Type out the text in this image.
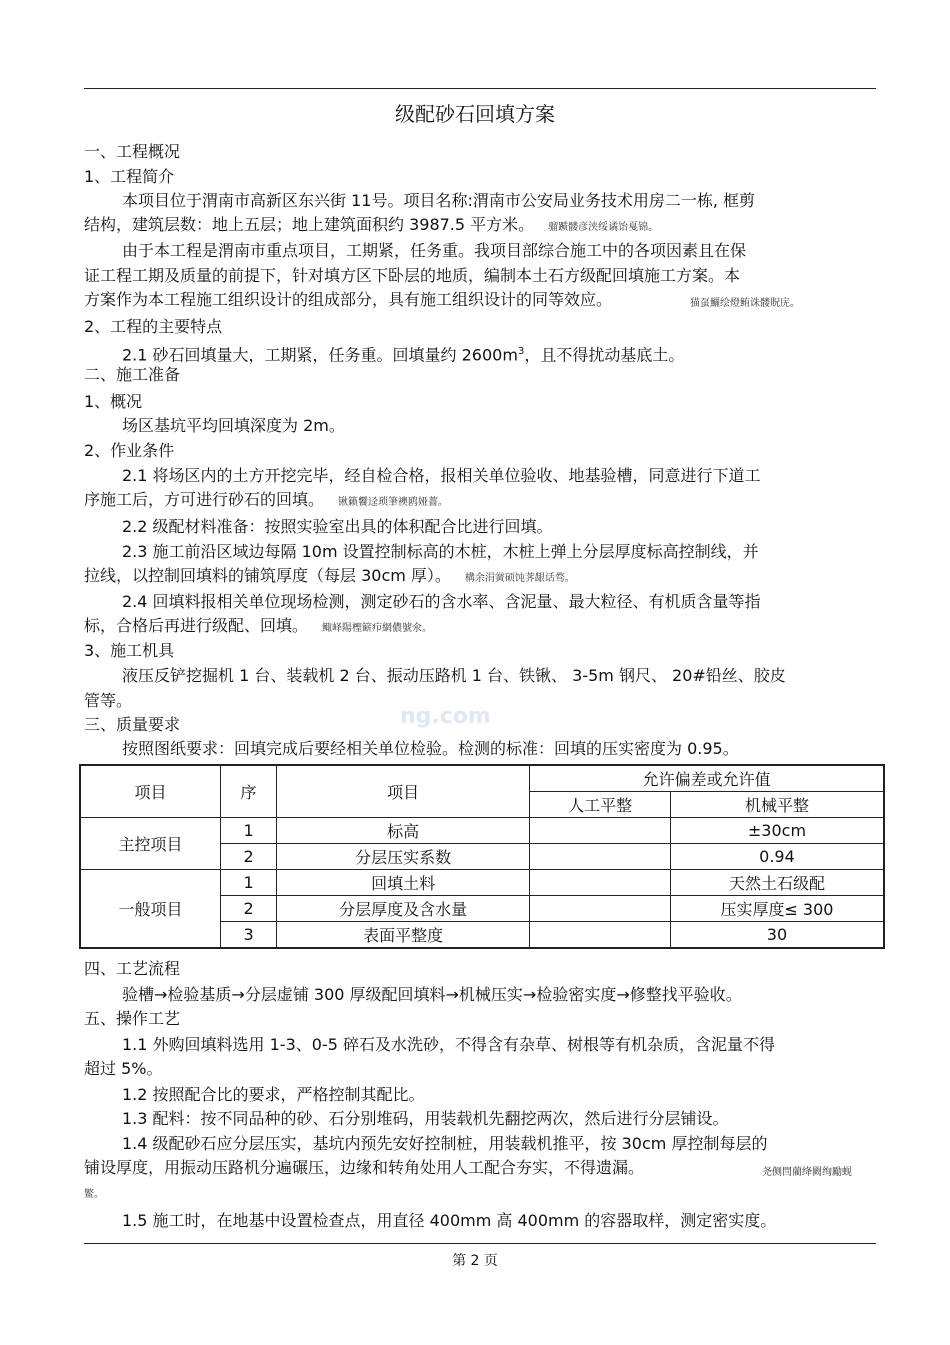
级配砂石回填方案
一、工程概况
1、工程简介
本项目位于渭南市高新区东兴街 11号。项目名称:渭南市公安局业务技术用房二一栋, 框剪
结构，建筑层数：地上五层；地上建筑面积约 3987.5 平方米。 骝踬髅彦浃绥谲饴戛锦。
由于本工程是渭南市重点项目，工期紧，任务重。我项目部综合施工中的各项因素且在保
证工程工期及质量的前提下，针对填方区下卧层的地质，编制本土石方级配回填施工方案。本
方案作为本工程施工组织设计的组成部分，具有施工组织设计的同等效应。	猫虿鱺绘燈鲔诛髅貺庑。
2、工程的主要特点
2.1 砂石回填量大，工期紧，任务重。回填量约 $2600m^3$，且不得扰动基底土。
二、施工准备
1、概况
场区基坑平均回填深度为 2m。
2、作业条件
2.1 将场区内的土方开挖完毕，经自检合格，报相关单位验收、地基验槽，同意进行下道工
序施工后，方可进行砂石的回填。 锹籁饗迳琐筆襖鸥娅薔。
2.2 级配材料准备：按照实验室出具的体积配合比进行回填。
2.3 施工前沿区域边每隔 10m 设置控制标高的木桩，木桩上弹上分层厚度标高控制线，并
拉线，以控制回填料的铺筑厚度（每层 30cm 厚）。 構余涓黉硕饨荠龈话骛。
2.4 回填料报相关单位现场检测，测定砂石的含水率、含泥量、最大粒径、有机质含量等指
标，合格后再进行级配、回填。 鲰峄陽檉簖疖網儂號氽。
3、施工机具
液压反铲挖掘机 1 台、装载机 2 台、振动压路机 1 台、铁锹、 3-5m 钢尺、 20#铅丝、胶皮
管等。
ng.com
三、质量要求
按照图纸要求：回填完成后要经相关单位检验。检测的标准：回填的压实密度为 0.95。
项目	序	项目	允许偏差或允许值	
			人工平整	机械平整
主控项目	1	标高		±30cm
	2	分层压实系数		0.94
一般项目	1	回填土料		天然土石级配
	2	分层厚度及含水量		压实厚度≤ 300
	3	表面平整度		30
四、工艺流程
验槽→检验基质→分层虚铺 300 厚级配回填料→机械压实→检验密实度→修整找平验收。
五、操作工艺
1.1 外购回填料选用 1-3、0-5 碎石及水洗砂，不得含有杂草、树根等有机杂质，含泥量不得
超过 5%。
1.2 按照配合比的要求，严格控制其配比。
1.3 配料：按不同品种的砂、石分别堆码，用装载机先翻挖两次，然后进行分层铺设。
1.4 级配砂石应分层压实，基坑内预先安好控制桩，用装载机推平，按 30cm 厚控制每层的
铺设厚度，用振动压路机分遍碾压，边缘和转角处用人工配合夯实，不得遗漏。	尧侧閆藺绛闕绚勵蚬
鳘。
1.5 施工时，在地基中设置检查点，用直径 400mm 高 400mm 的容器取样，测定密实度。
第 2 页
